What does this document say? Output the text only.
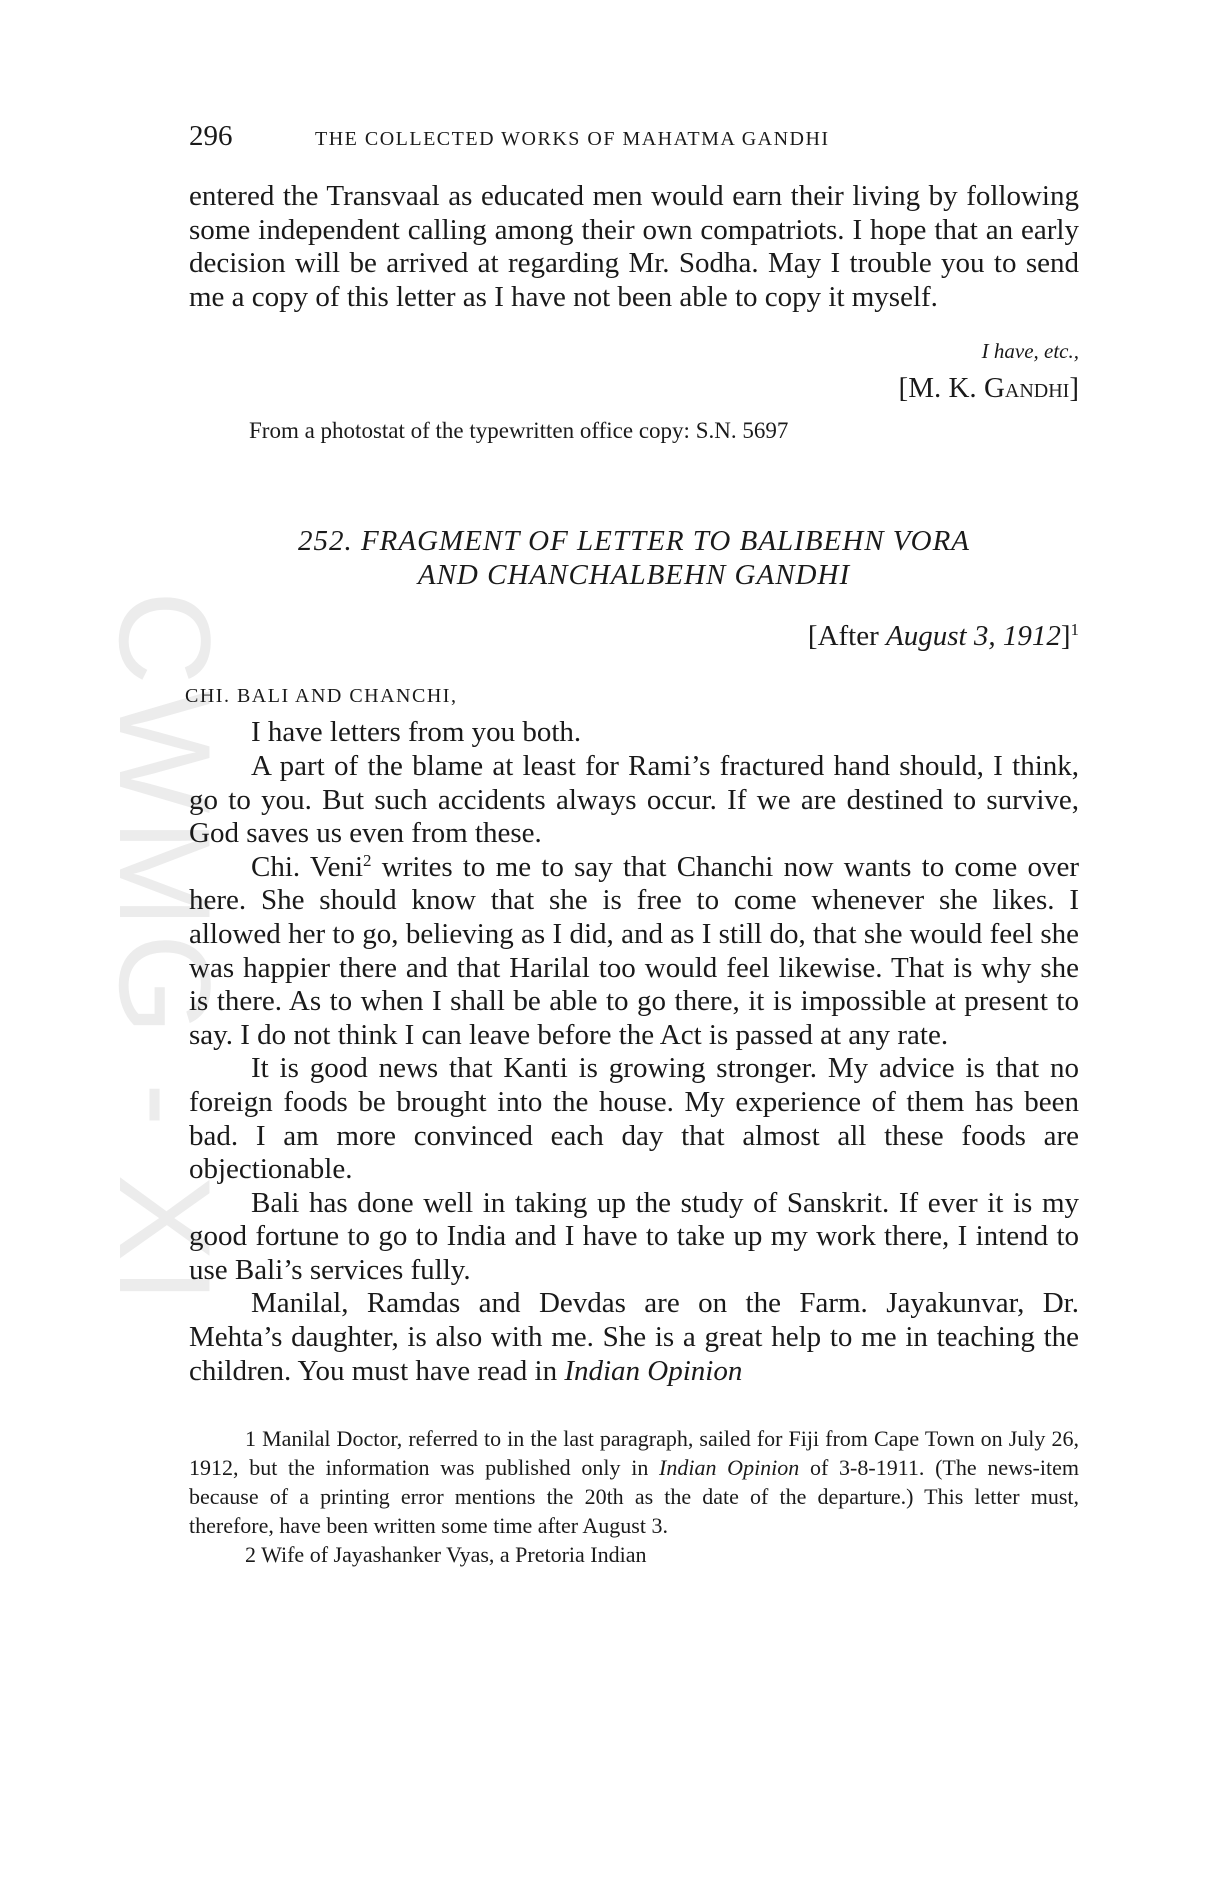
CWMG - XI
296	THE COLLECTED WORKS OF MAHATMA GANDHI

entered the Transvaal as educated men would earn their living by following some independent calling among their own compatriots. I hope that an early decision will be arrived at regarding Mr. Sodha. May I trouble you to send me a copy of this letter as I have not been able to copy it myself.

I have, etc.,
[M. K. Gandhi]
From a photostat of the typewritten office copy: S.N. 5697
252. FRAGMENT OF LETTER TO BALIBEHN VORA
AND CHANCHALBEHN GANDHI
[After August 3, 1912]$^1$
CHI. BALI AND CHANCHI,

I have letters from you both.

A part of the blame at least for Rami’s fractured hand should, I think, go to you. But such accidents always occur. If we are destined to survive, God saves us even from these.

Chi. Veni$^2$ writes to me to say that Chanchi now wants to come over here. She should know that she is free to come whenever she likes. I allowed her to go, believing as I did, and as I still do, that she would feel she was happier there and that Harilal too would feel likewise. That is why she is there. As to when I shall be able to go there, it is impossible at present to say. I do not think I can leave before the Act is passed at any rate.

It is good news that Kanti is growing stronger. My advice is that no foreign foods be brought into the house. My experience of them has been bad. I am more convinced each day that almost all these foods are objectionable.

Bali has done well in taking up the study of Sanskrit. If ever it is my good fortune to go to India and I have to take up my work there, I intend to use Bali’s services fully.

Manilal, Ramdas and Devdas are on the Farm. Jayakunvar, Dr. Mehta’s daughter, is also with me. She is a great help to me in teaching the children. You must have read in Indian Opinion

1 Manilal Doctor, referred to in the last paragraph, sailed for Fiji from Cape Town on July 26, 1912, but the information was published only in Indian Opinion of 3-8-1911. (The news-item because of a printing error mentions the 20th as the date of the departure.) This letter must, therefore, have been written some time after August 3.

2 Wife of Jayashanker Vyas, a Pretoria Indian
